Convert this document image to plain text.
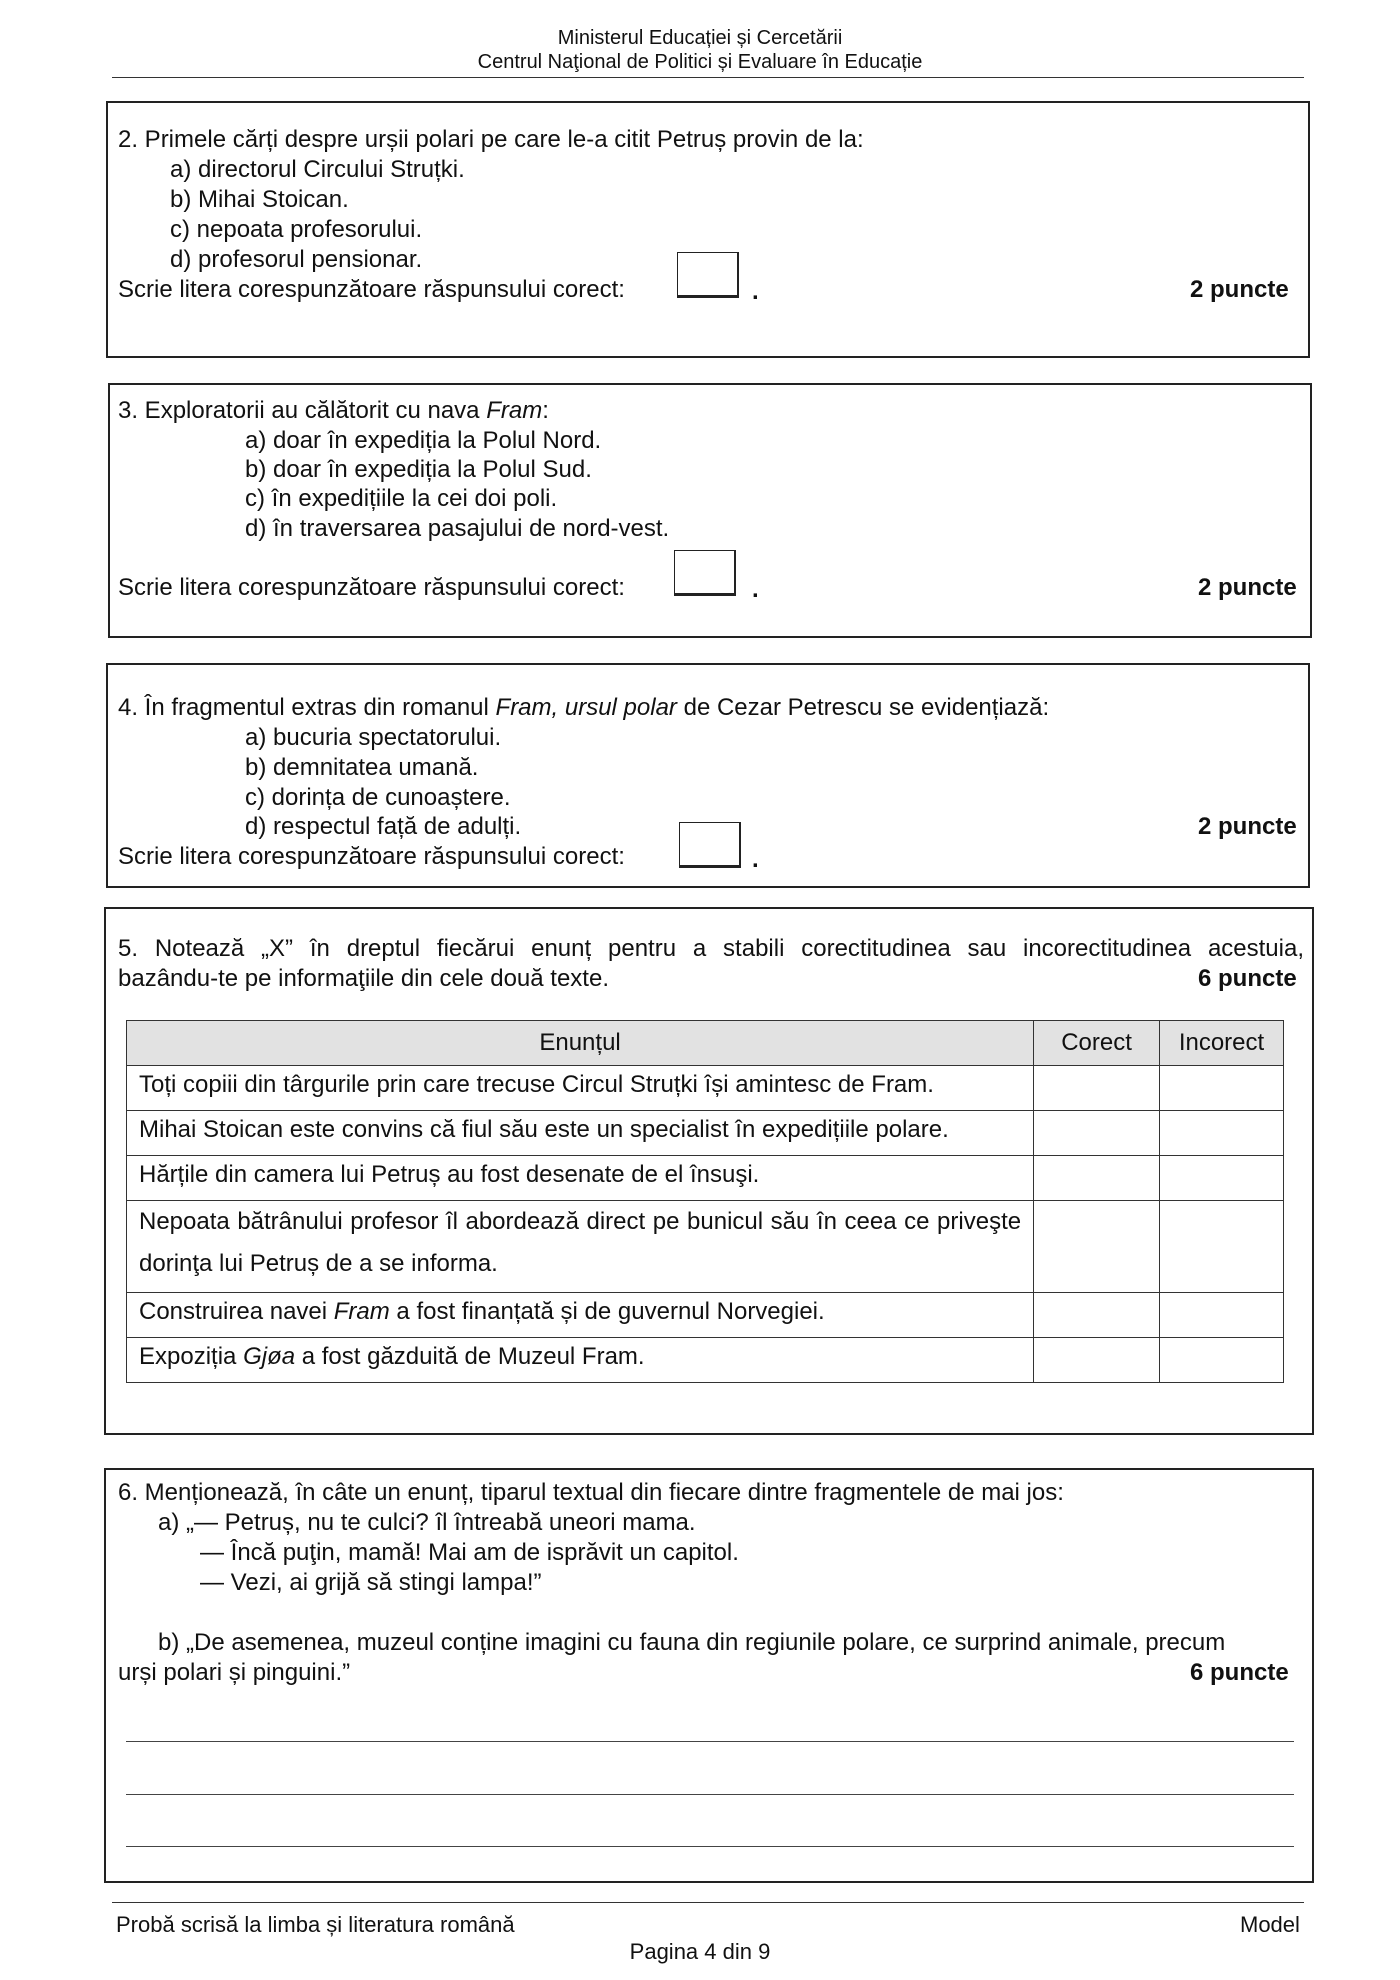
Ministerul Educației și Cercetării
Centrul Naţional de Politici și Evaluare în Educație
2. Primele cărți despre urșii polari pe care le-a citit Petruș provin de la:
a) directorul Circului Struțki.
b) Mihai Stoican.
c) nepoata profesorului.
d) profesorul pensionar.
Scrie litera corespunzătoare răspunsului corect:	.	2 puncte
3. Exploratorii au călătorit cu nava Fram:
a) doar în expediția la Polul Nord.
b) doar în expediția la Polul Sud.
c) în expedițiile la cei doi poli.
d) în traversarea pasajului de nord-vest.
Scrie litera corespunzătoare răspunsului corect:	.	2 puncte
4. În fragmentul extras din romanul Fram, ursul polar de Cezar Petrescu se evidențiază:
a) bucuria spectatorului.
b) demnitatea umană.
c) dorința de cunoaștere.
d) respectul față de adulți.
Scrie litera corespunzătoare răspunsului corect:	.
2 puncte
5. Notează „X” în dreptul fiecărui enunț pentru a stabili corectitudinea sau incorectitudinea acestuia,
bazându-te pe informaţiile din cele două texte.	6 puncte
Enunțul	Corect	Incorect
Toți copiii din târgurile prin care trecuse Circul Struțki își amintesc de Fram.		
Mihai Stoican este convins că fiul său este un specialist în expedițiile polare.		
Hărțile din camera lui Petruș au fost desenate de el însuşi.		
Nepoata bătrânului profesor îl abordează direct pe bunicul său în ceea ce priveşte dorinţa lui Petruș de a se informa.		
Construirea navei Fram a fost finanțată și de guvernul Norvegiei.		
Expoziția Gjøa a fost găzduită de Muzeul Fram.		
6. Menționează, în câte un enunț, tiparul textual din fiecare dintre fragmentele de mai jos:
a) „— Petruș, nu te culci? îl întreabă uneori mama.
— Încă puţin, mamă! Mai am de isprăvit un capitol.
— Vezi, ai grijă să stingi lampa!”
b) „De asemenea, muzeul conține imagini cu fauna din regiunile polare, ce surprind animale, precum
urși polari și pinguini.”	6 puncte
Probă scrisă la limba și literatura română	Model
Pagina 4 din 9
